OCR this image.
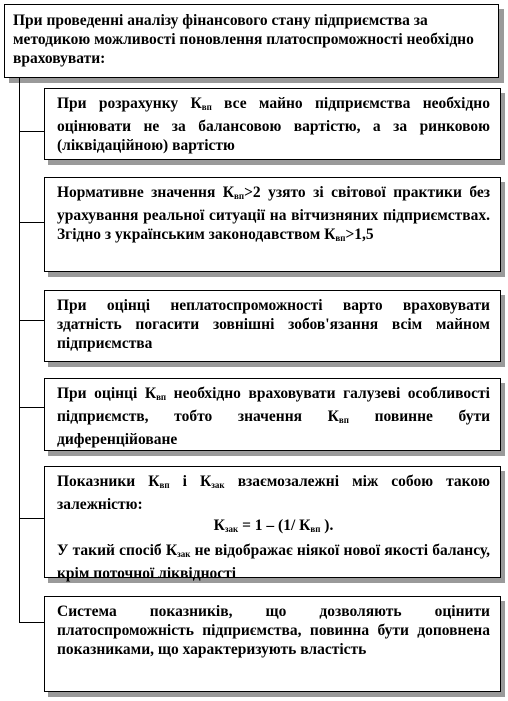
При проведенні аналізу фінансового стану підприємства за методикою можливості поновлення платоспроможності необхідно враховувати:

При розрахунку $К_{вп}$ все майно підприємства необхідно оцінювати не за балансовою вартістю, а за ринковою (ліквідаційною) вартістю

Нормативне значення $К_{вп}>2$ узято зі світової практики без урахування реальної ситуації на вітчизняних підприємствах. Згідно з українським законодавством $К_{вп}>1,5$

При оцінці неплатоспроможності варто враховувати здатність погасити зовнішні зобов'язання всім майном підприємства

При оцінці $К_{вп}$ необхідно враховувати галузеві особливості підприємств, тобто значення $К_{вп}$ повинне бути диференційоване

Показники $К_{вп}$ і $К_{зак}$ взаємозалежні між собою такою залежністю:

$К_{зак} = 1 - (1/$ $К_{вп}$ ).

У такий спосіб $К_{зак}$ не відображає ніякої нової якості балансу, крім поточної ліквідності

Система показників, що дозволяють оцінити платоспроможність підприємства, повинна бути доповнена показниками, що характеризують властість
